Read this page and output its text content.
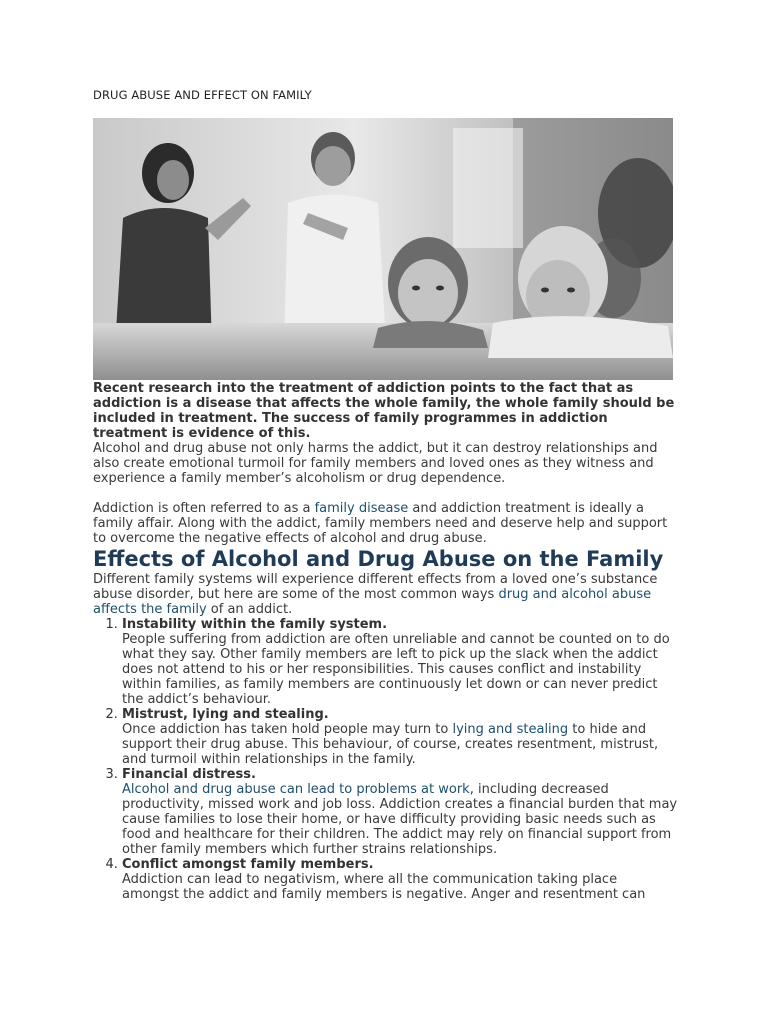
DRUG ABUSE AND EFFECT ON FAMILY

Recent research into the treatment of addiction points to the fact that as addiction is a disease that affects the whole family, the whole family should be included in treatment. The success of family programmes in addiction treatment is evidence of this.

Alcohol and drug abuse not only harms the addict, but it can destroy relationships and also create emotional turmoil for family members and loved ones as they witness and experience a family member’s alcoholism or drug dependence.

Addiction is often referred to as a family disease and addiction treatment is ideally a family affair. Along with the addict, family members need and deserve help and support to overcome the negative effects of alcohol and drug abuse.

Effects of Alcohol and Drug Abuse on the Family

Different family systems will experience different effects from a loved one’s substance abuse disorder, but here are some of the most common ways drug and alcohol abuse affects the family of an addict.

1. Instability within the family system.
People suffering from addiction are often unreliable and cannot be counted on to do what they say. Other family members are left to pick up the slack when the addict does not attend to his or her responsibilities. This causes conflict and instability within families, as family members are continuously let down or can never predict the addict’s behaviour.
2. Mistrust, lying and stealing.
Once addiction has taken hold people may turn to lying and stealing to hide and support their drug abuse. This behaviour, of course, creates resentment, mistrust, and turmoil within relationships in the family.
3. Financial distress.
Alcohol and drug abuse can lead to problems at work, including decreased productivity, missed work and job loss. Addiction creates a financial burden that may cause families to lose their home, or have difficulty providing basic needs such as food and healthcare for their children. The addict may rely on financial support from other family members which further strains relationships.
4. Conflict amongst family members.
Addiction can lead to negativism, where all the communication taking place amongst the addict and family members is negative. Anger and resentment can
